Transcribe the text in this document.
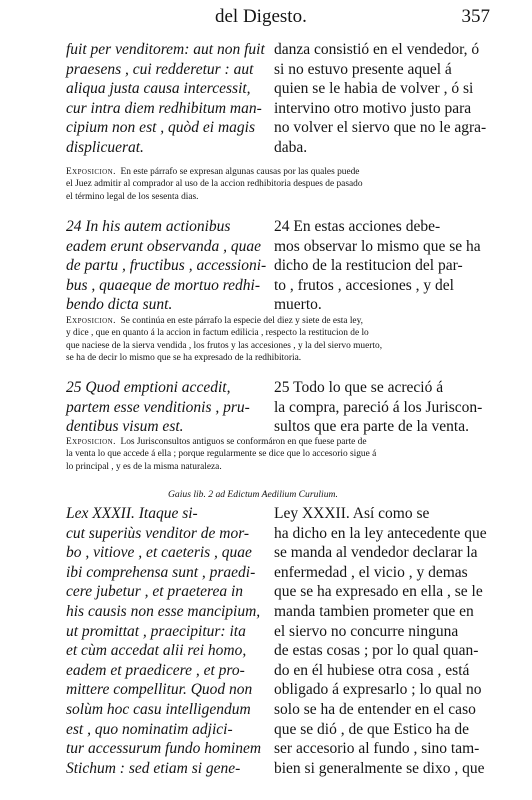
del Digesto.	357
fuit per venditorem: aut non fuit
praesens , cui redderetur : aut
aliqua justa causa intercessit,
cur intra diem redhibitum man-
cipium non est , quòd ei magis
displicuerat.
danza consistió en el vendedor, ó
si no estuvo presente aquel á
quien se le habia de volver , ó si
intervino otro motivo justo para
no volver el siervo que no le agra-
daba.
Exposicion. En este párrafo se expresan algunas causas por las quales puede
el Juez admitir al comprador al uso de la accion redhibitoria despues de pasado
el término legal de los sesenta dias.
24 In his autem actionibus
eadem erunt observanda , quae
de partu , fructibus , accessioni-
bus , quaeque de mortuo redhi-
bendo dicta sunt.
24 En estas acciones debe-
mos observar lo mismo que se ha
dicho de la restitucion del par-
to , frutos , accesiones , y del
muerto.
Exposicion. Se continúa en este párrafo la especie del diez y siete de esta ley,
y dice , que en quanto á la accion in factum edilicia , respecto la restitucion de lo
que naciese de la sierva vendida , los frutos y las accesiones , y la del siervo muerto,
se ha de decir lo mismo que se ha expresado de la redhibitoria.
25 Quod emptioni accedit,
partem esse venditionis , pru-
dentibus visum est.
25 Todo lo que se acreció á
la compra, pareció á los Juriscon-
sultos que era parte de la venta.
Exposicion. Los Jurisconsultos antiguos se conformáron en que fuese parte de
la venta lo que accede á ella ; porque regularmente se dice que lo accesorio sigue á
lo principal , y es de la misma naturaleza.
Gaius lib. 2 ad Edictum Aedilium Curulium.
Lex XXXII. Itaque si-
cut superiùs venditor de mor-
bo , vitiove , et caeteris , quae
ibi comprehensa sunt , praedi-
cere jubetur , et praeterea in
his causis non esse mancipium,
ut promittat , praecipitur: ita
et cùm accedat alii rei homo,
eadem et praedicere , et pro-
mittere compellitur. Quod non
solùm hoc casu intelligendum
est , quo nominatim adjici-
tur accessurum fundo hominem
Stichum : sed etiam si gene-
Ley XXXII. Así como se
ha dicho en la ley antecedente que
se manda al vendedor declarar la
enfermedad , el vicio , y demas
que se ha expresado en ella , se le
manda tambien prometer que en
el siervo no concurre ninguna
de estas cosas ; por lo qual quan-
do en él hubiese otra cosa , está
obligado á expresarlo ; lo qual no
solo se ha de entender en el caso
que se dió , de que Estico ha de
ser accesorio al fundo , sino tam-
bien si generalmente se dixo , que
